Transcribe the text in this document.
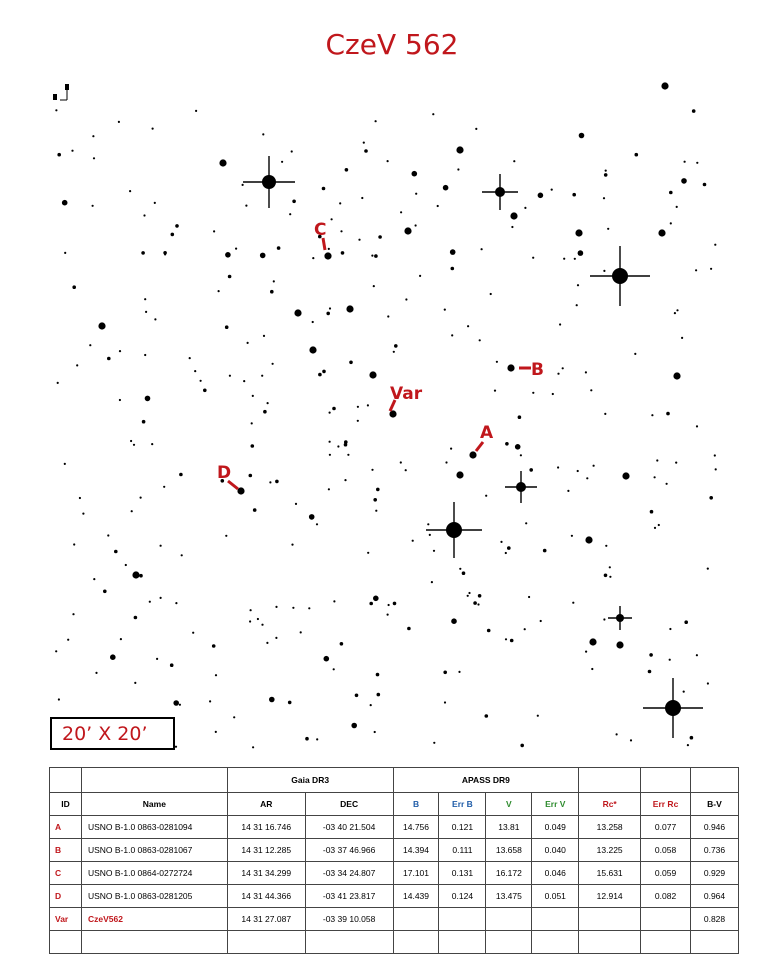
CzeV 562
C
B
Var
A
D
20’ X 20’
		Gaia DR3		APASS DR9						
ID	Name	AR	DEC	B	Err B	V	Err V	Rc*	Err Rc	B-V
A	USNO B-1.0 0863-0281094	14 31 16.746	-03 40 21.504	14.756	0.121	13.81	0.049	13.258	0.077	0.946
B	USNO B-1.0 0863-0281067	14 31 12.285	-03 37 46.966	14.394	0.111	13.658	0.040	13.225	0.058	0.736
C	USNO B-1.0 0864-0272724	14 31 34.299	-03 34 24.807	17.101	0.131	16.172	0.046	15.631	0.059	0.929
D	USNO B-1.0 0863-0281205	14 31 44.366	-03 41 23.817	14.439	0.124	13.475	0.051	12.914	0.082	0.964
Var	CzeV562	14 31 27.087	-03 39 10.058							0.828
